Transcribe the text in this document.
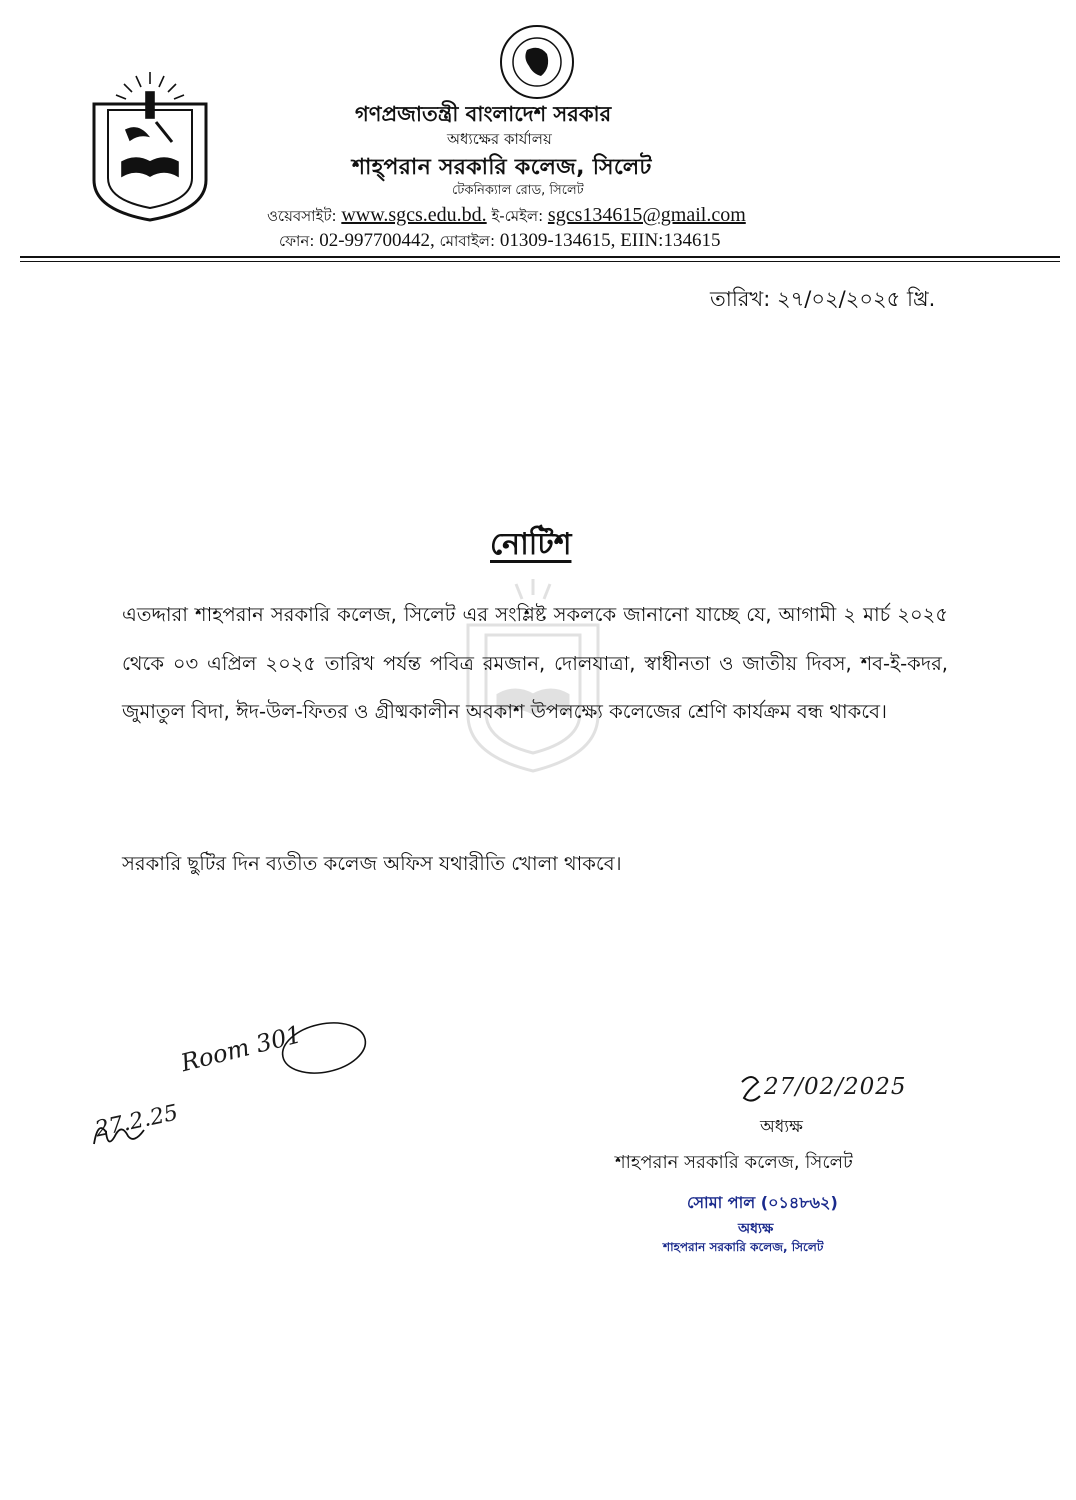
গণপ্রজাতন্ত্রী বাংলাদেশ সরকার
অধ্যক্ষের কার্যালয়
শাহ্পরান সরকারি কলেজ, সিলেট
টেকনিক্যাল রোড, সিলেট
ওয়েবসাইট: www.sgcs.edu.bd. ই-মেইল: sgcs134615@gmail.com
ফোন: 02-997700442, মোবাইল: 01309-134615, EIIN:134615
তারিখ: ২৭/০২/২০২৫ খ্রি.
নোটিশ
এতদ্দারা শাহপরান সরকারি কলেজ, সিলেট এর সংশ্লিষ্ট সকলকে জানানো যাচ্ছে যে, আগামী ২ মার্চ ২০২৫ থেকে ০৩ এপ্রিল ২০২৫ তারিখ পর্যন্ত পবিত্র রমজান, দোলযাত্রা, স্বাধীনতা ও জাতীয় দিবস, শব-ই-কদর, জুমাতুল বিদা, ঈদ-উল-ফিতর ও গ্রীষ্মকালীন অবকাশ উপলক্ষ্যে কলেজের শ্রেণি কার্যক্রম বন্ধ থাকবে।
সরকারি ছুটির দিন ব্যতীত কলেজ অফিস যথারীতি খোলা থাকবে।
27/02/2025
অধ্যক্ষ
শাহপরান সরকারি কলেজ, সিলেট
সোমা পাল (০১৪৮৬২)
অধ্যক্ষ
শাহপরান সরকারি কলেজ, সিলেট
Room 301
27.2.25
